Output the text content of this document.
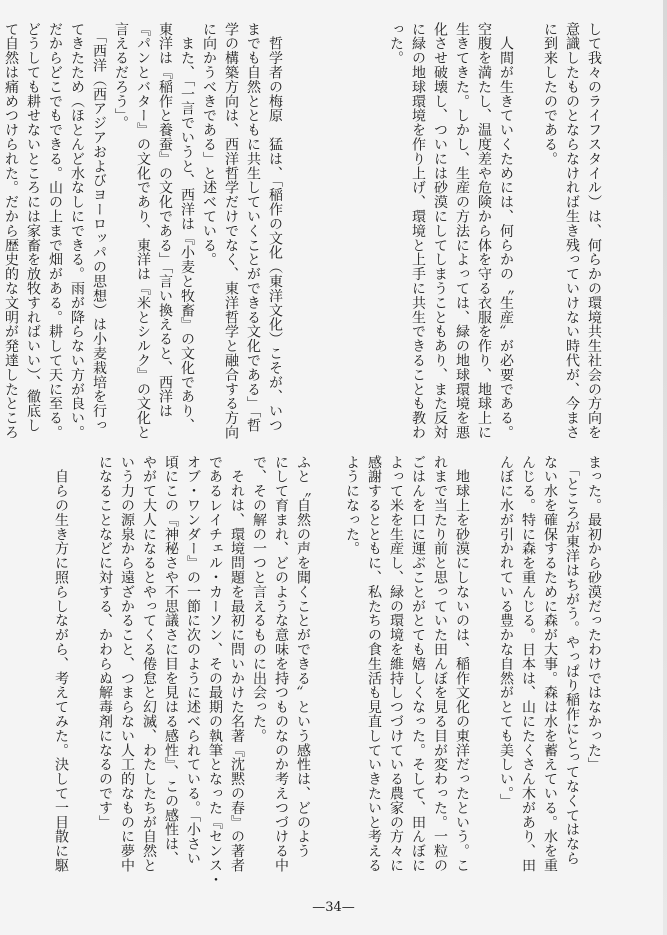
して我々のライフスタイル）は、何らかの環境共生社会の方向を
意識したものとならなければ生き残っていけない時代が、今まさ
に到来したのである。

　人間が生きていくためには、何らかの〝生産〟が必要である。
空腹を満たし、温度差や危険から体を守る衣服を作り、地球上に
生きてきた。しかし、生産の方法によっては、緑の地球環境を悪
化させ破壊し、ついには砂漠にしてしまうこともあり、また反対
に緑の地球環境を作り上げ、環境と上手に共生できることも教わ
った。
　哲学者の梅原　猛は、「稲作の文化（東洋文化）こそが、いつ
までも自然とともに共生していくことができる文化である」「哲
学の構築方向は、西洋哲学だけでなく、東洋哲学と融合する方向
に向かうべきである」と述べている。
　また、「一言でいうと、西洋は『小麦と牧畜』の文化であり、
東洋は『稲作と養蚕』の文化である」「言い換えると、西洋は
『パンとバター』の文化であり、東洋は『米とシルク』の文化と
言えるだろう」。
　「西洋（西アジアおよびヨーロッパの思想）は小麦栽培を行っ
てきたため（ほとんど水なしにできる。雨が降らない方が良い。
だからどこでもできる。山の上まで畑がある。耕して天に至る。
どうしても耕せないところには家畜を放牧すればいい）、徹底し
て自然は痛めつけられた。だから歴史的な文明が発達したところ

まった。最初から砂漠だったわけではなかった」
　「ところが東洋はちがう。やっぱり稲作にとってなくてはなら
ない水を確保するために森が大事。森は水を蓄えている。水を重
んじる。特に森を重んじる。日本は、山にたくさん木があり、田
んぼに水が引かれている豊かな自然がとても美しい。」

　地球上を砂漠にしないのは、稲作文化の東洋だったという。こ
れまで当たり前と思っていた田んぼを見る目が変わった。一粒の
ごはんを口に運ぶことがとても嬉しくなった。そして、田んぼに
よって米を生産し、緑の環境を維持しつづけている農家の方々に
感謝するとともに、私たちの食生活も見直していきたいと考える
ようになった。
ふと〝自然の声を聞くことができる〟という感性は、どのよう
にして育まれ、どのような意味を持つものなのか考えつづける中
で、その解の一つと言えるものに出会った。
　それは、環境問題を最初に問いかけた名著『沈黙の春』の著者
であるレイチェル・カーソン、その最期の執筆となった『センス・
オブ・ワンダー』の一節に次のように述べられている。「小さい
頃にこの『神秘さや不思議さに目を見はる感性』、この感性は、
やがて大人になるとやってくる倦怠と幻滅、わたしたちが自然と
いう力の源泉から遠ざかること、つまらない人工的なものに夢中
になることなどに対する、かわらぬ解毒剤になるのです」

　自らの生き方に照らしながら、考えてみた。決して一目散に駆
—34—
